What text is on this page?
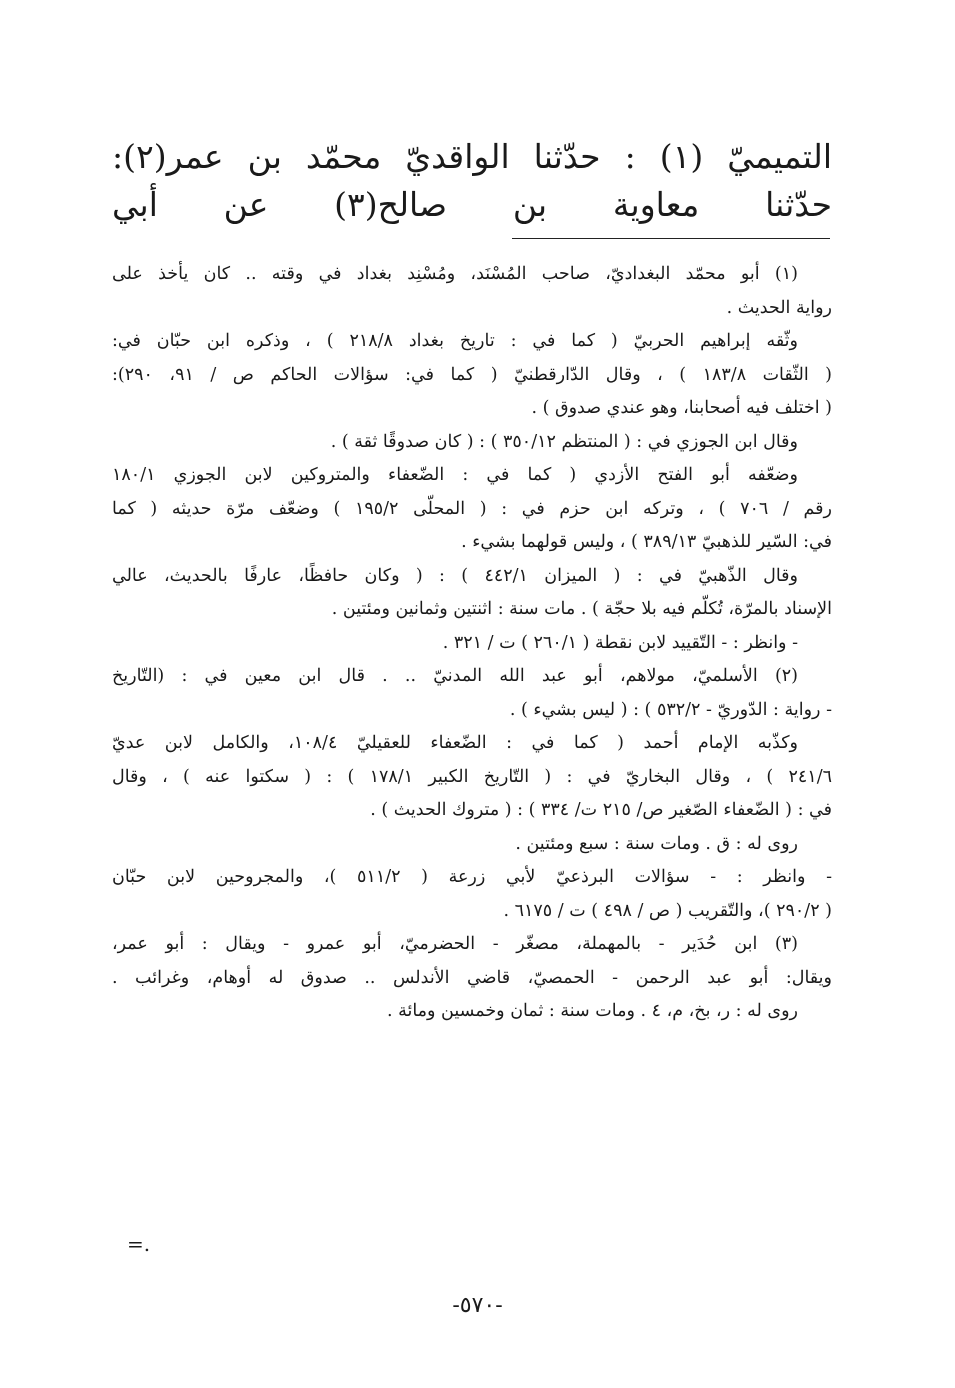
التميميّ (١) : حدّثنا الواقديّ محمّد بن عمر(٢):
حدّثنا معاوية بن صالح(٣) عن أبي

(١) أبو محمّد البغداديّ، صاحب المُسْنَد، ومُسْنِد بغداد في وقته .. كان يأخذ على

رواية الحديث .

وثّقه إبراهيم الحربيّ ( كما في : تاريخ بغداد ٢١٨/٨ ) ، وذكره ابن حبّان في:

( الثّقات ١٨٣/٨ ) ، وقال الدّارقطنيّ ( كما في: سؤالات الحاكم ص / ٩١، ٢٩٠):

( اختلف فيه أصحابنا، وهو عندي صدوق ) .

وقال ابن الجوزي في : ( المنتظم ٣٥٠/١٢ ) : ( كان صدوقًا ثقة ) .

وضعّفه أبو الفتح الأزدي ( كما في : الضّعفاء والمتروكين لابن الجوزي ١٨٠/١

رقم / ٧٠٦ ) ، وتركه ابن حزم في : ( المحلّى ١٩٥/٢ ) وضعّف مرّة حديثه ( كما

في: السّير للذهبيّ ٣٨٩/١٣ ) ، وليس قولهما بشيء .

وقال الذّهبيّ في : ( الميزان ٤٤٢/١ ) : ( وكان حافظًا، عارفًا بالحديث، عالي

الإسناد بالمرّة، تُكلّم فيه بلا حجّة ) . مات سنة : اثنتين وثمانين ومئتين .

- وانظر : - التّقييد لابن نقطة ( ٢٦٠/١ ) ت / ٣٢١ .

(٢) الأسلميّ، مولاهم، أبو عبد الله المدنيّ .. . قال ابن معين في : (التّاريخ

- رواية : الدّوريّ - ٥٣٢/٢ ) : ( ليس بشيء ) .

وكذّبه الإمام أحمد ( كما في : الضّعفاء للعقيليّ ١٠٨/٤، والكامل لابن عديّ

٢٤١/٦ ) ، وقال البخاريّ في : ( التّاريخ الكبير ١٧٨/١ ) : ( سكتوا عنه ) ، وقال

في : ( الضّعفاء الصّغير ص/ ٢١٥ ت/ ٣٣٤ ) : ( متروك الحديث ) .

روى له : ق . ومات سنة : سبع ومئتين .

- وانظر : - سؤالات البرذعيّ لأبي زرعة ( ٥١١/٢ )، والمجروحين لابن حبّان

( ٢٩٠/٢ )، والتّقريب ( ص / ٤٩٨ ) ت / ٦١٧٥ .

(٣) ابن حُدَير - بالمهملة، مصغّر - الحضرميّ، أبو عمرو - ويقال : أبو عمر،

ويقال: أبو عبد الرحمن - الحمصيّ، قاضي الأندلس .. صدوق له أوهام، وغرائب .

روى له : ر، بخ، م، ٤ . ومات سنة : ثمان وخمسين ومائة .

=.
-٥٧٠-
